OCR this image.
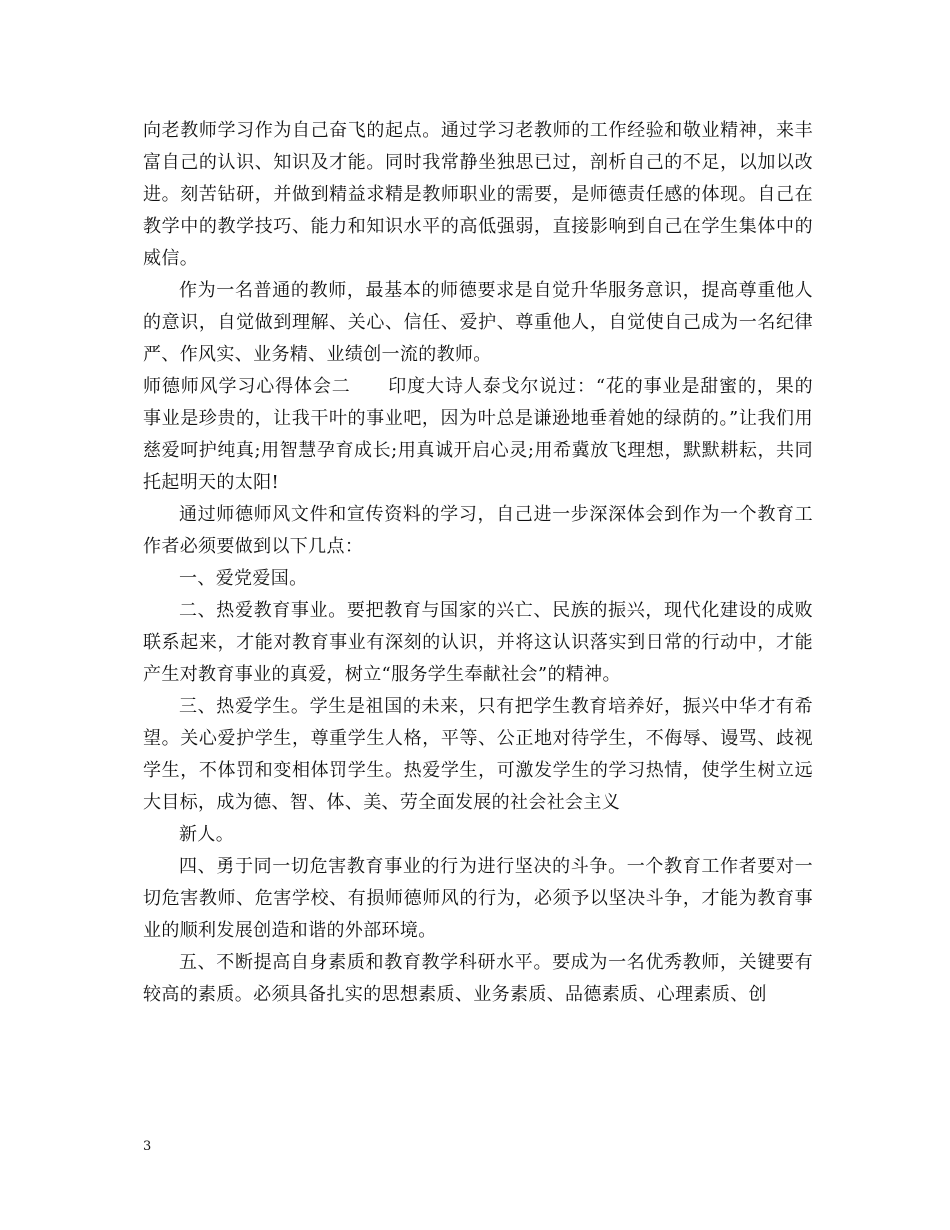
向老教师学习作为自己奋飞的起点。通过学习老教师的工作经验和敬业精神，来丰富自己的认识、知识及才能。同时我常静坐独思已过，剖析自己的不足，以加以改进。刻苦钻研，并做到精益求精是教师职业的需要，是师德责任感的体现。自己在教学中的教学技巧、能力和知识水平的高低强弱，直接影响到自己在学生集体中的威信。

作为一名普通的教师，最基本的师德要求是自觉升华服务意识，提高尊重他人的意识，自觉做到理解、关心、信任、爱护、尊重他人，自觉使自己成为一名纪律严、作风实、业务精、业绩创一流的教师。

师德师风学习心得体会二　　印度大诗人泰戈尔说过：“花的事业是甜蜜的，果的事业是珍贵的，让我干叶的事业吧，因为叶总是谦逊地垂着她的绿荫的。”让我们用慈爱呵护纯真;用智慧孕育成长;用真诚开启心灵;用希冀放飞理想，默默耕耘，共同托起明天的太阳!

通过师德师风文件和宣传资料的学习，自己进一步深深体会到作为一个教育工作者必须要做到以下几点：

一、爱党爱国。

二、热爱教育事业。要把教育与国家的兴亡、民族的振兴，现代化建设的成败联系起来，才能对教育事业有深刻的认识，并将这认识落实到日常的行动中，才能产生对教育事业的真爱，树立“服务学生奉献社会”的精神。

三、热爱学生。学生是祖国的未来，只有把学生教育培养好，振兴中华才有希望。关心爱护学生，尊重学生人格，平等、公正地对待学生，不侮辱、谩骂、歧视学生，不体罚和变相体罚学生。热爱学生，可激发学生的学习热情，使学生树立远大目标，成为德、智、体、美、劳全面发展的社会社会主义

新人。

四、勇于同一切危害教育事业的行为进行坚决的斗争。一个教育工作者要对一切危害教师、危害学校、有损师德师风的行为，必须予以坚决斗争，才能为教育事业的顺利发展创造和谐的外部环境。

五、不断提高自身素质和教育教学科研水平。要成为一名优秀教师，关键要有较高的素质。必须具备扎实的思想素质、业务素质、品德素质、心理素质、创

3
